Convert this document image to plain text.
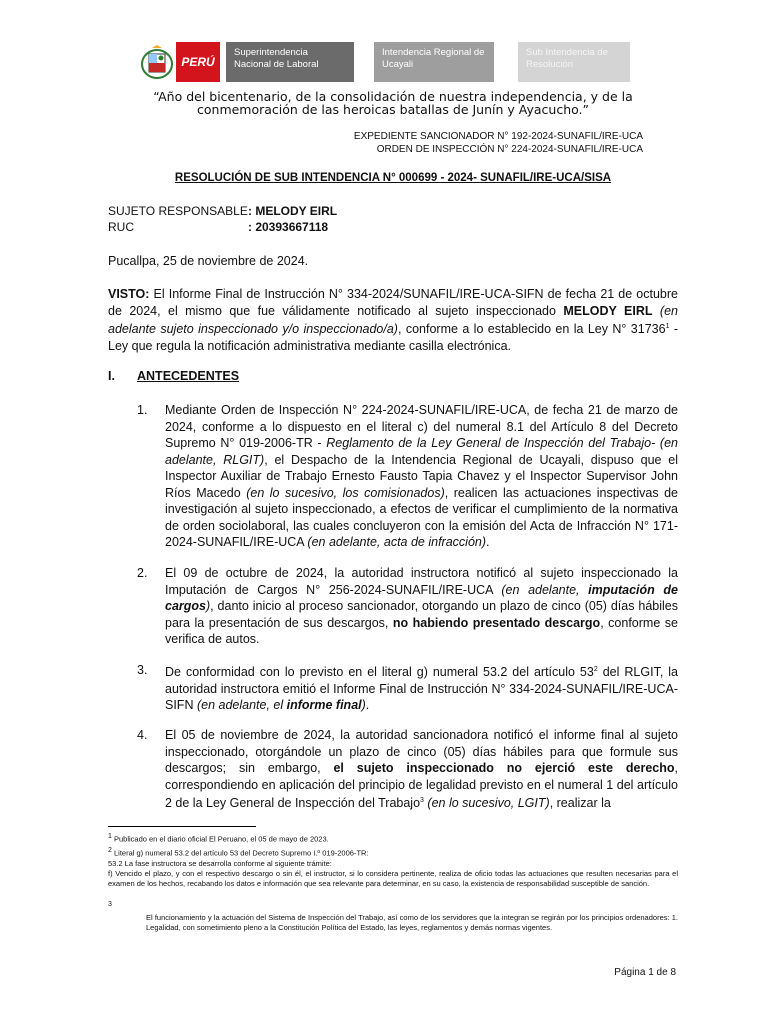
PERÚ
Superintendencia Nacional de Laboral
Intendencia Regional de Ucayali
Sub Intendencia de Resolución
“Año del bicentenario, de la consolidación de nuestra independencia, y de la conmemoración de las heroicas batallas de Junín y Ayacucho.”
EXPEDIENTE SANCIONADOR N° 192-2024-SUNAFIL/IRE-UCA
ORDEN DE INSPECCIÓN N° 224-2024-SUNAFIL/IRE-UCA
RESOLUCIÓN DE SUB INTENDENCIA N° 000699 - 2024- SUNAFIL/IRE-UCA/SISA
SUJETO RESPONSABLE: MELODY EIRL
RUC	: 20393667118
Pucallpa, 25 de noviembre de 2024.
VISTO: El Informe Final de Instrucción N° 334-2024/SUNAFIL/IRE-UCA-SIFN de fecha 21 de octubre de 2024, el mismo que fue válidamente notificado al sujeto inspeccionado MELODY EIRL (en adelante sujeto inspeccionado y/o inspeccionado/a), conforme a lo establecido en la Ley N° 31736$^1$ - Ley que regula la notificación administrativa mediante casilla electrónica.
I. ANTECEDENTES
1. Mediante Orden de Inspección N° 224-2024-SUNAFIL/IRE-UCA, de fecha 21 de marzo de 2024, conforme a lo dispuesto en el literal c) del numeral 8.1 del Artículo 8 del Decreto Supremo N° 019-2006-TR - Reglamento de la Ley General de Inspección del Trabajo- (en adelante, RLGIT), el Despacho de la Intendencia Regional de Ucayali, dispuso que el Inspector Auxiliar de Trabajo Ernesto Fausto Tapia Chavez y el Inspector Supervisor John Ríos Macedo (en lo sucesivo, los comisionados), realicen las actuaciones inspectivas de investigación al sujeto inspeccionado, a efectos de verificar el cumplimiento de la normativa de orden sociolaboral, las cuales concluyeron con la emisión del Acta de Infracción N° 171-2024-SUNAFIL/IRE-UCA (en adelante, acta de infracción).
2. El 09 de octubre de 2024, la autoridad instructora notificó al sujeto inspeccionado la Imputación de Cargos N° 256-2024-SUNAFIL/IRE-UCA (en adelante, imputación de cargos), danto inicio al proceso sancionador, otorgando un plazo de cinco (05) días hábiles para la presentación de sus descargos, no habiendo presentado descargo, conforme se verifica de autos.
3. De conformidad con lo previsto en el literal g) numeral 53.2 del artículo $53^2$ del RLGIT, la autoridad instructora emitió el Informe Final de Instrucción N° 334-2024-SUNAFIL/IRE-UCA-SIFN (en adelante, el informe final).
4. El 05 de noviembre de 2024, la autoridad sancionadora notificó el informe final al sujeto inspeccionado, otorgándole un plazo de cinco (05) días hábiles para que formule sus descargos; sin embargo, el sujeto inspeccionado no ejerció este derecho, correspondiendo en aplicación del principio de legalidad previsto en el numeral 1 del artículo 2 de la Ley General de Inspección del Trabajo$^3$ (en lo sucesivo, LGIT), realizar la
$^1$ Publicado en el diario oficial El Peruano, el 05 de mayo de 2023.
$^2$ Literal g) numeral 53.2 del artículo 53 del Decreto Supremo I.º 019-2006-TR:
53.2 La fase instructora se desarrolla conforme al siguiente trámite:
f) Vencido el plazo, y con el respectivo descargo o sin él, el instructor, si lo considera pertinente, realiza de oficio todas las actuaciones que resulten necesarias para el examen de los hechos, recabando los datos e información que sea relevante para determinar, en su caso, la existencia de responsabilidad susceptible de sanción.
$^3$
El funcionamiento y la actuación del Sistema de Inspección del Trabajo, así como de los servidores que la integran se regirán por los principios ordenadores: 1. Legalidad, con sometimiento pleno a la Constitución Política del Estado, las leyes, reglamentos y demás normas vigentes.
Página 1 de 8
